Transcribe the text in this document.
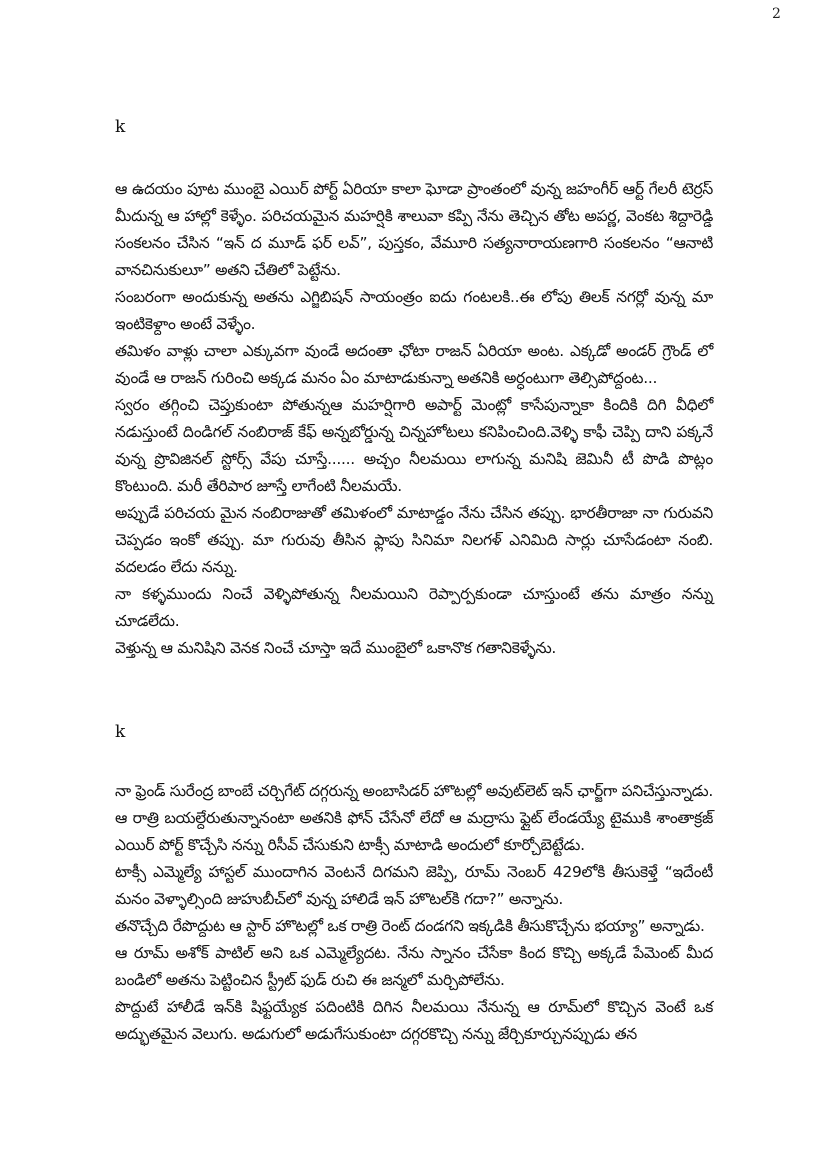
2
k

ఆ ఉదయం పూట ముంబై ఎయిర్ పోర్ట్ ఏరియా కాలా ఘోడా ప్రాంతంలో వున్న జహంగీర్ ఆర్ట్ గేలరీ టెర్రస్ మీదున్న ఆ హాల్లో కెళ్ళేం. పరిచయమైన మహర్షికి శాలువా కప్పి నేను తెచ్చిన తోట అపర్ణ, వెంకట శిద్దారెడ్డి సంకలనం చేసిన “ఇన్ ద మూడ్ ఫర్ లవ్”, పుస్తకం, వేమూరి సత్యనారాయణగారి సంకలనం “ఆనాటి వానచినుకులూ” అతని చేతిలో పెట్టేను.

సంబరంగా అందుకున్న అతను ఎగ్జిబిషన్ సాయంత్రం ఐదు గంటలకి..ఈ లోపు తిలక్ నగర్లో వున్న మా ఇంటికెళ్దాం అంటే వెళ్ళేం.

తమిళం వాళ్లు చాలా ఎక్కువగా వుండే అదంతా ఛోటా రాజన్ ఏరియా అంట. ఎక్కడో అండర్ గ్రౌండ్ లో వుండే ఆ రాజన్ గురించి అక్కడ మనం ఏం మాటాడుకున్నా అతనికి అర్ధంటుగా తెల్సిపోద్దంట...

స్వరం తగ్గించి చెప్తుకుంటా పోతున్నఆ మహర్షిగారి అపార్ట్ మెంట్లో కాసేపున్నాకా కిందికి దిగి వీధిలో నడుస్తుంటే దిండిగల్ నంబిరాజ్ కేఫ్ అన్నబోర్డున్న చిన్నహోటలు కనిపించింది.వెళ్ళి కాఫీ చెప్పి దాని పక్కనే వున్న ప్రొవిజినల్ స్టోర్స్ వేపు చూస్తే...... అచ్చం నీలమయి లాగున్న మనిషి జెమినీ టీ పొడి పొట్లం కొంటుంది. మరీ తేరిపార జూస్తే లాగేంటి నీలమయే.

అప్పుడే పరిచయ మైన నంబిరాజుతో తమిళంలో మాటాడ్డం నేను చేసిన తప్పు. భారతీరాజా నా గురువని చెప్పడం ఇంకో తప్పు. మా గురువు తీసిన ఫ్లాపు సినిమా నిలగళ్ ఎనిమిది సార్లు చూసేడంటా నంబి. వదలడం లేదు నన్ను.

నా కళ్ళముందు నించే వెళ్ళిపోతున్న నీలమయిని రెప్పార్పకుండా చూస్తుంటే తను మాత్రం నన్ను చూడలేదు.

వెళ్తున్న ఆ మనిషిని వెనక నించే చూస్తా ఇదే ముంబైలో ఒకానొక గతానికెళ్ళేను.

k

నా ఫ్రెండ్ సురేంద్ర బాంబే చర్చిగేట్ దగ్గరున్న అంబాసిడర్ హొటల్లో అవుట్‌లెట్ ఇన్ ఛార్జ్‌గా పనిచేస్తున్నాడు.

ఆ రాత్రి బయల్దేరుతున్నానంటా అతనికి ఫోన్ చేసేనో లేదో ఆ మద్రాసు ఫ్లైట్ లేండయ్యే టైముకి శాంతాక్రజ్ ఎయిర్ పోర్ట్ కొచ్చేసి నన్ను రిసీవ్ చేసుకుని టాక్సీ మాటాడి అందులో కూర్చోబెట్టేడు.

టాక్సీ ఎమ్మెల్యే హాస్టల్ ముందాగిన వెంటనే దిగమని జెప్పి, రూమ్ నెంబర్ 429లోకి తీసుకెళ్తే “ఇదేంటీ మనం వెళ్ళాల్సింది జుహుబీచ్‌లో వున్న హాలిడే ఇన్ హొటల్‌కి గదా?” అన్నాను.

తనొచ్చేది రేపొద్దుట ఆ స్టార్ హొటల్లో ఒక రాత్రి రెంట్ దండగని ఇక్కడికి తీసుకొచ్చేను భయ్యా” అన్నాడు.

ఆ రూమ్ అశోక్ పాటిల్ అని ఒక ఎమ్మెల్యేదట. నేను స్నానం చేసేకా కింద కొచ్చి అక్కడే పేమెంట్ మీద బండిలో అతను పెట్టించిన స్ట్రీట్ ఫుడ్ రుచి ఈ జన్మలో మర్చిపోలేను.

పొద్దుటే హాలీడే ఇన్‌కి షిఫ్టయ్యేక పదింటికి దిగిన నీలమయి నేనున్న ఆ రూమ్‌లో కొచ్చిన వెంటే ఒక అద్భుతమైన వెలుగు. అడుగులో అడుగేసుకుంటా దగ్గరకొచ్చి నన్ను జేర్చికూర్చునప్పుడు తన
